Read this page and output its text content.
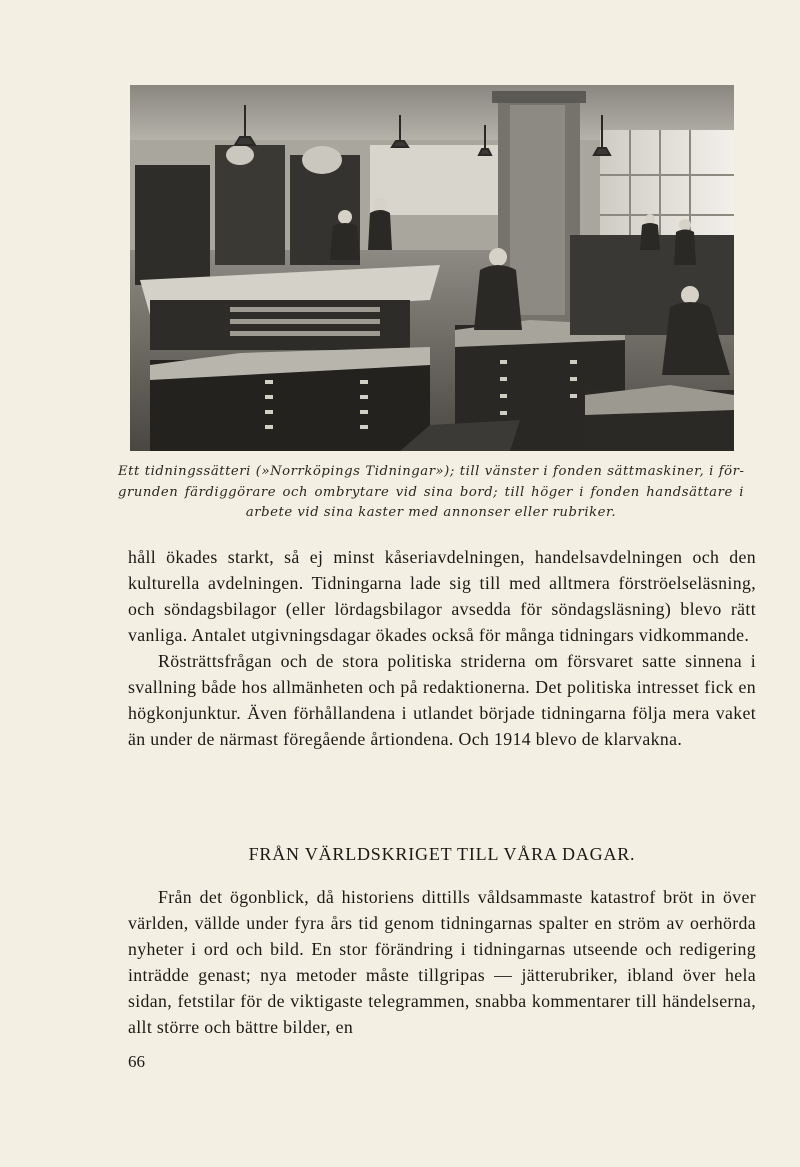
Ett tidningssätteri (»Norrköpings Tidningar»); till vänster i fonden sättmaskiner, i förgrunden färdiggörare och ombrytare vid sina bord; till höger i fonden handsättare i arbete vid sina kaster med annonser eller rubriker.

håll ökades starkt, så ej minst kåseriavdelningen, handelsavdelningen och den kulturella avdelningen. Tidningarna lade sig till med alltmera förströelseläsning, och söndagsbilagor (eller lördagsbilagor avsedda för söndagsläsning) blevo rätt vanliga. Antalet utgivningsdagar ökades också för många tidningars vidkommande.

Rösträttsfrågan och de stora politiska striderna om försvaret satte sinnena i svallning både hos allmänheten och på redaktionerna. Det politiska intresset fick en högkonjunktur. Även förhållandena i utlandet började tidningarna följa mera vaket än under de närmast föregående årtiondena. Och 1914 blevo de klarvakna.

FRÅN VÄRLDSKRIGET TILL VÅRA DAGAR.

Från det ögonblick, då historiens dittills våldsammaste katastrof bröt in över världen, vällde under fyra års tid genom tidningarnas spalter en ström av oerhörda nyheter i ord och bild. En stor förändring i tidningarnas utseende och redigering inträdde genast; nya metoder måste tillgripas — jätterubriker, ibland över hela sidan, fetstilar för de viktigaste telegrammen, snabba kommentarer till händelserna, allt större och bättre bilder, en

66
